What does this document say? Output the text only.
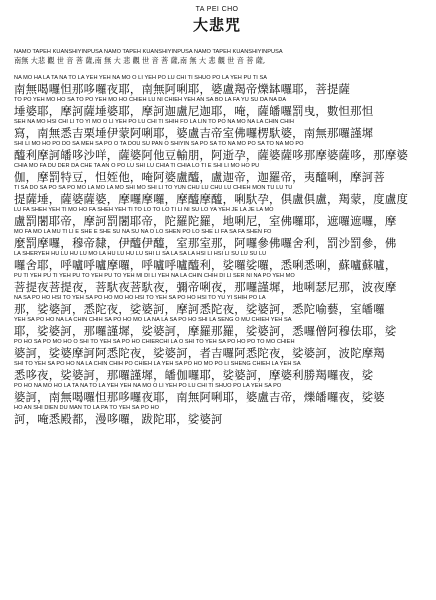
TA PEI CHO
大悲咒
NAMO TAPEH KUANSHIYINPUSA NAMO TAPEH KUANSHIYINPUSA NAMO TAPEH KUANSHIYINPUSA
南無 大悲 觀 世 音 菩 薩,南 無 大 悲 觀 世 音 菩 薩,南 無 大 悲 觀 世 音 菩 薩,
NA MO HA LA TA NA TO LA YEH YEH NA MO O LI YEH PO LU CHI TI SHUO PO LA YEH PU TI SA
南無喝囉怛那哆囉夜耶，南無阿唎耶，婆盧羯帝爍缽囉耶，菩提薩
TO PO YEH MO HO SA TO PO YEH MO HO CHIEH LU NI CHIEH YEH AN SA BO LA FA YU SU DA NA DA
埵婆耶，摩訶薩埵婆耶，摩訶迦盧尼迦耶，唵，薩皤囉罰曳，數怛那怛
SEH NA MO HSI CHI LI TO YI MO O LI YEH PO LU CHI TI SHIH FO LA LIN TO PO NA MO NA LA CHIN CHIH
寫，南無悉吉栗埵伊蒙阿唎耶，婆盧吉帝室佛囉楞馱婆，南無那囉謹墀
SHI LI MO HO PO DO SA MEH SA PO O TA DOU SU PAN O SHIYIN SA PO SA TO NA MO PO SA TO NA MO PO
醯利摩訶皤哆沙咩，薩婆阿他豆輸朋，阿逝孕，薩婆薩哆那摩婆薩哆，那摩婆
CHIA MO FA DU DER DA CHE TA AN O PO LU SHI LU CHIA TI CHIA LO TI E SHI LI MO HO PU
伽，摩罰特豆，怛姪他，唵阿婆盧醯，盧迦帝，迦羅帝，夷醯唎，摩訶菩
TI SA DO SA PO SA PO MO LA MO LA MO SHI MO SHI LI TO YUN CHU LU CHU LU CHIEH MON TU LU TU
提薩埵，薩婆薩婆，摩囉摩囉，摩醯摩醯，唎馱孕，俱盧俱盧，羯蒙，度盧度
LU FA SHEH YEH TI MO HO FA SHEH YEH TI TO LO TO LO TI LI NI SU LO YA YEH JE LA JE LA MO
盧罰闍耶帝，摩訶罰闍耶帝，陀羅陀羅，地唎尼，室佛囉耶，遮囉遮囉，摩
MO FA MO LA MU TI LI E SHE E SHE SU NA SU NA O LO SHEN PO LO SHE LI FA SA FA SHEN FO
麼罰摩囉，穆帝隸，伊醯伊醯，室那室那，阿囉參佛囉舍利，罰沙罰參，佛
LA SHERYEH HU LU HU LU MO LA HU LU HU LU SHI LI SA LA SA LA HSI LI HSI LI SU LU SU LU
囉舍耶，呼嚧呼嚧摩囉，呼嚧呼嚧醯利，娑囉娑囉，悉唎悉唎，蘇嚧蘇嚧，
PU TI YEH PU TI YEH PU TO YEH PU TO YEH MI DI LI YEH NA LA CHIN CHIH DI LI SER NI NA PO YEH MO
菩提夜菩提夜，菩馱夜菩馱夜，彌帝唎夜，那囉謹墀，地唎瑟尼那，波夜摩
NA SA PO HO HSI TO YEH SA PO HO MO HO HSI TO YEH SA PO HO HSI TO YU YI SHIH PO LA
那，娑婆訶，悉陀夜，娑婆訶，摩訶悉陀夜，娑婆訶，悉陀喻藝，室皤囉
YEH SA PO HO NA LA CHIN CHIH SA PO HO MO LA NA LA SA PO HO SHI LA SENG O MU CHIEH YEH SA
耶，娑婆訶，那囉謹墀，娑婆訶，摩羅那羅，娑婆訶，悉囉僧阿穆佉耶，娑
PO HO SA PO MO HO O SHI TO YEH SA PO HO CHIERCHI LA O SHI TO YEH SA PO HO PO TO MO CHIEH
婆訶，娑婆摩訶阿悉陀夜，娑婆訶，者吉囉阿悉陀夜，娑婆訶，波陀摩羯
SHI TO YEH SA PO HO NA LA CHIN CHIH PO CHIEH LA YEH SA PO HO MO PO LI SHENG CHIEH LA YEH SA
悉哆夜，娑婆訶，那囉謹墀，皤伽囉耶，娑婆訶，摩婆利勝羯囉夜，娑
PO HO NA MO HO LA TA NA TO LA YEH YEH NA MO O LI YEH PO LU CHI TI SHUO PO LA YEH SA PO
婆訶，南無喝囉怛那哆囉夜耶，南無阿唎耶，婆盧吉帝，爍皤囉夜，娑婆
HO AN SHI DIEN DU MAN TO LA PA TO YEH SA PO HO
訶，唵悉殿都，漫哆囉，跋陀耶，娑婆訶
